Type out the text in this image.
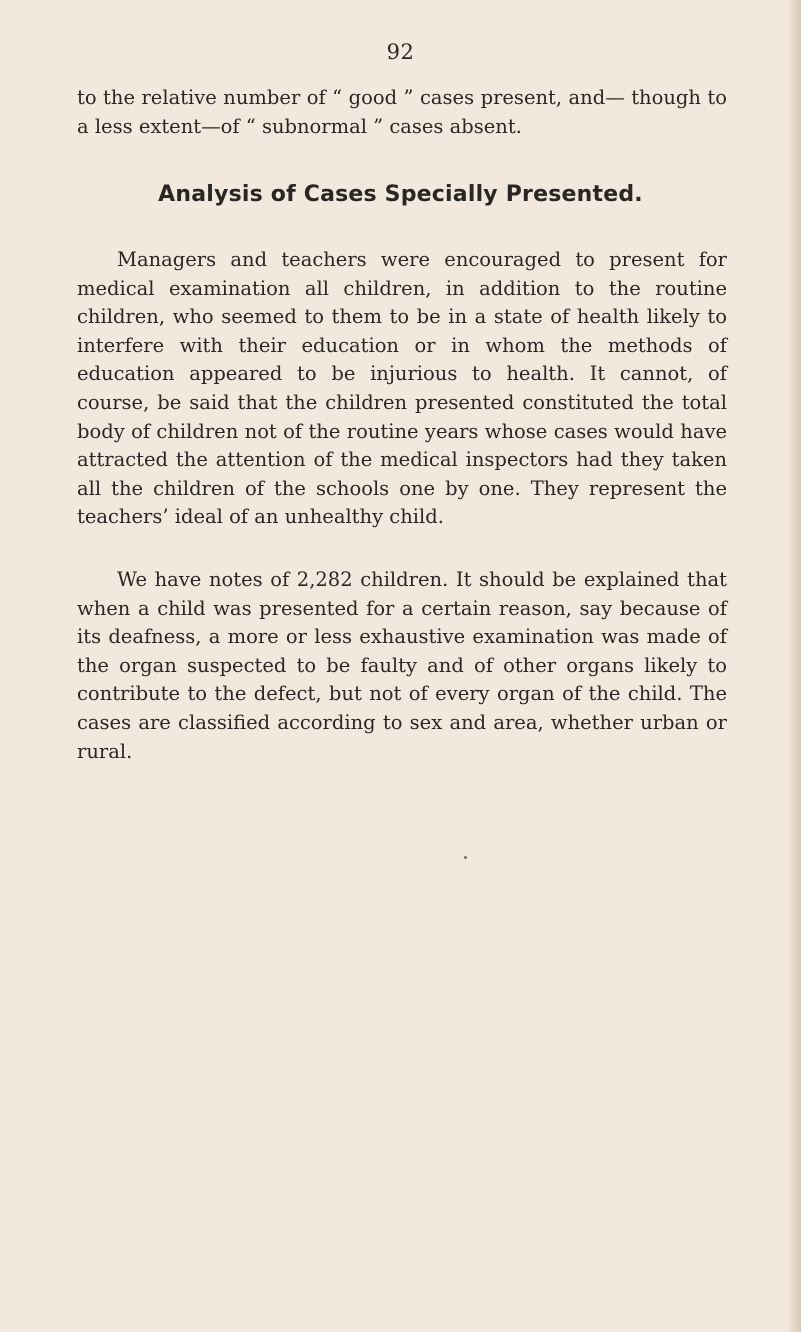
92

to the relative number of “ good ” cases present, and— though to a less extent—of “ subnormal ” cases absent.

Analysis of Cases Specially Presented.

Managers and teachers were encouraged to present for medical examination all children, in addition to the routine children, who seemed to them to be in a state of health likely to interfere with their education or in whom the methods of education appeared to be injurious to health. It cannot, of course, be said that the children presented constituted the total body of children not of the routine years whose cases would have attracted the attention of the medical inspectors had they taken all the children of the schools one by one. They represent the teachers’ ideal of an unhealthy child.

We have notes of 2,282 children. It should be explained that when a child was presented for a certain reason, say because of its deafness, a more or less exhaustive examination was made of the organ suspected to be faulty and of other organs likely to contribute to the defect, but not of every organ of the child. The cases are classified according to sex and area, whether urban or rural.
